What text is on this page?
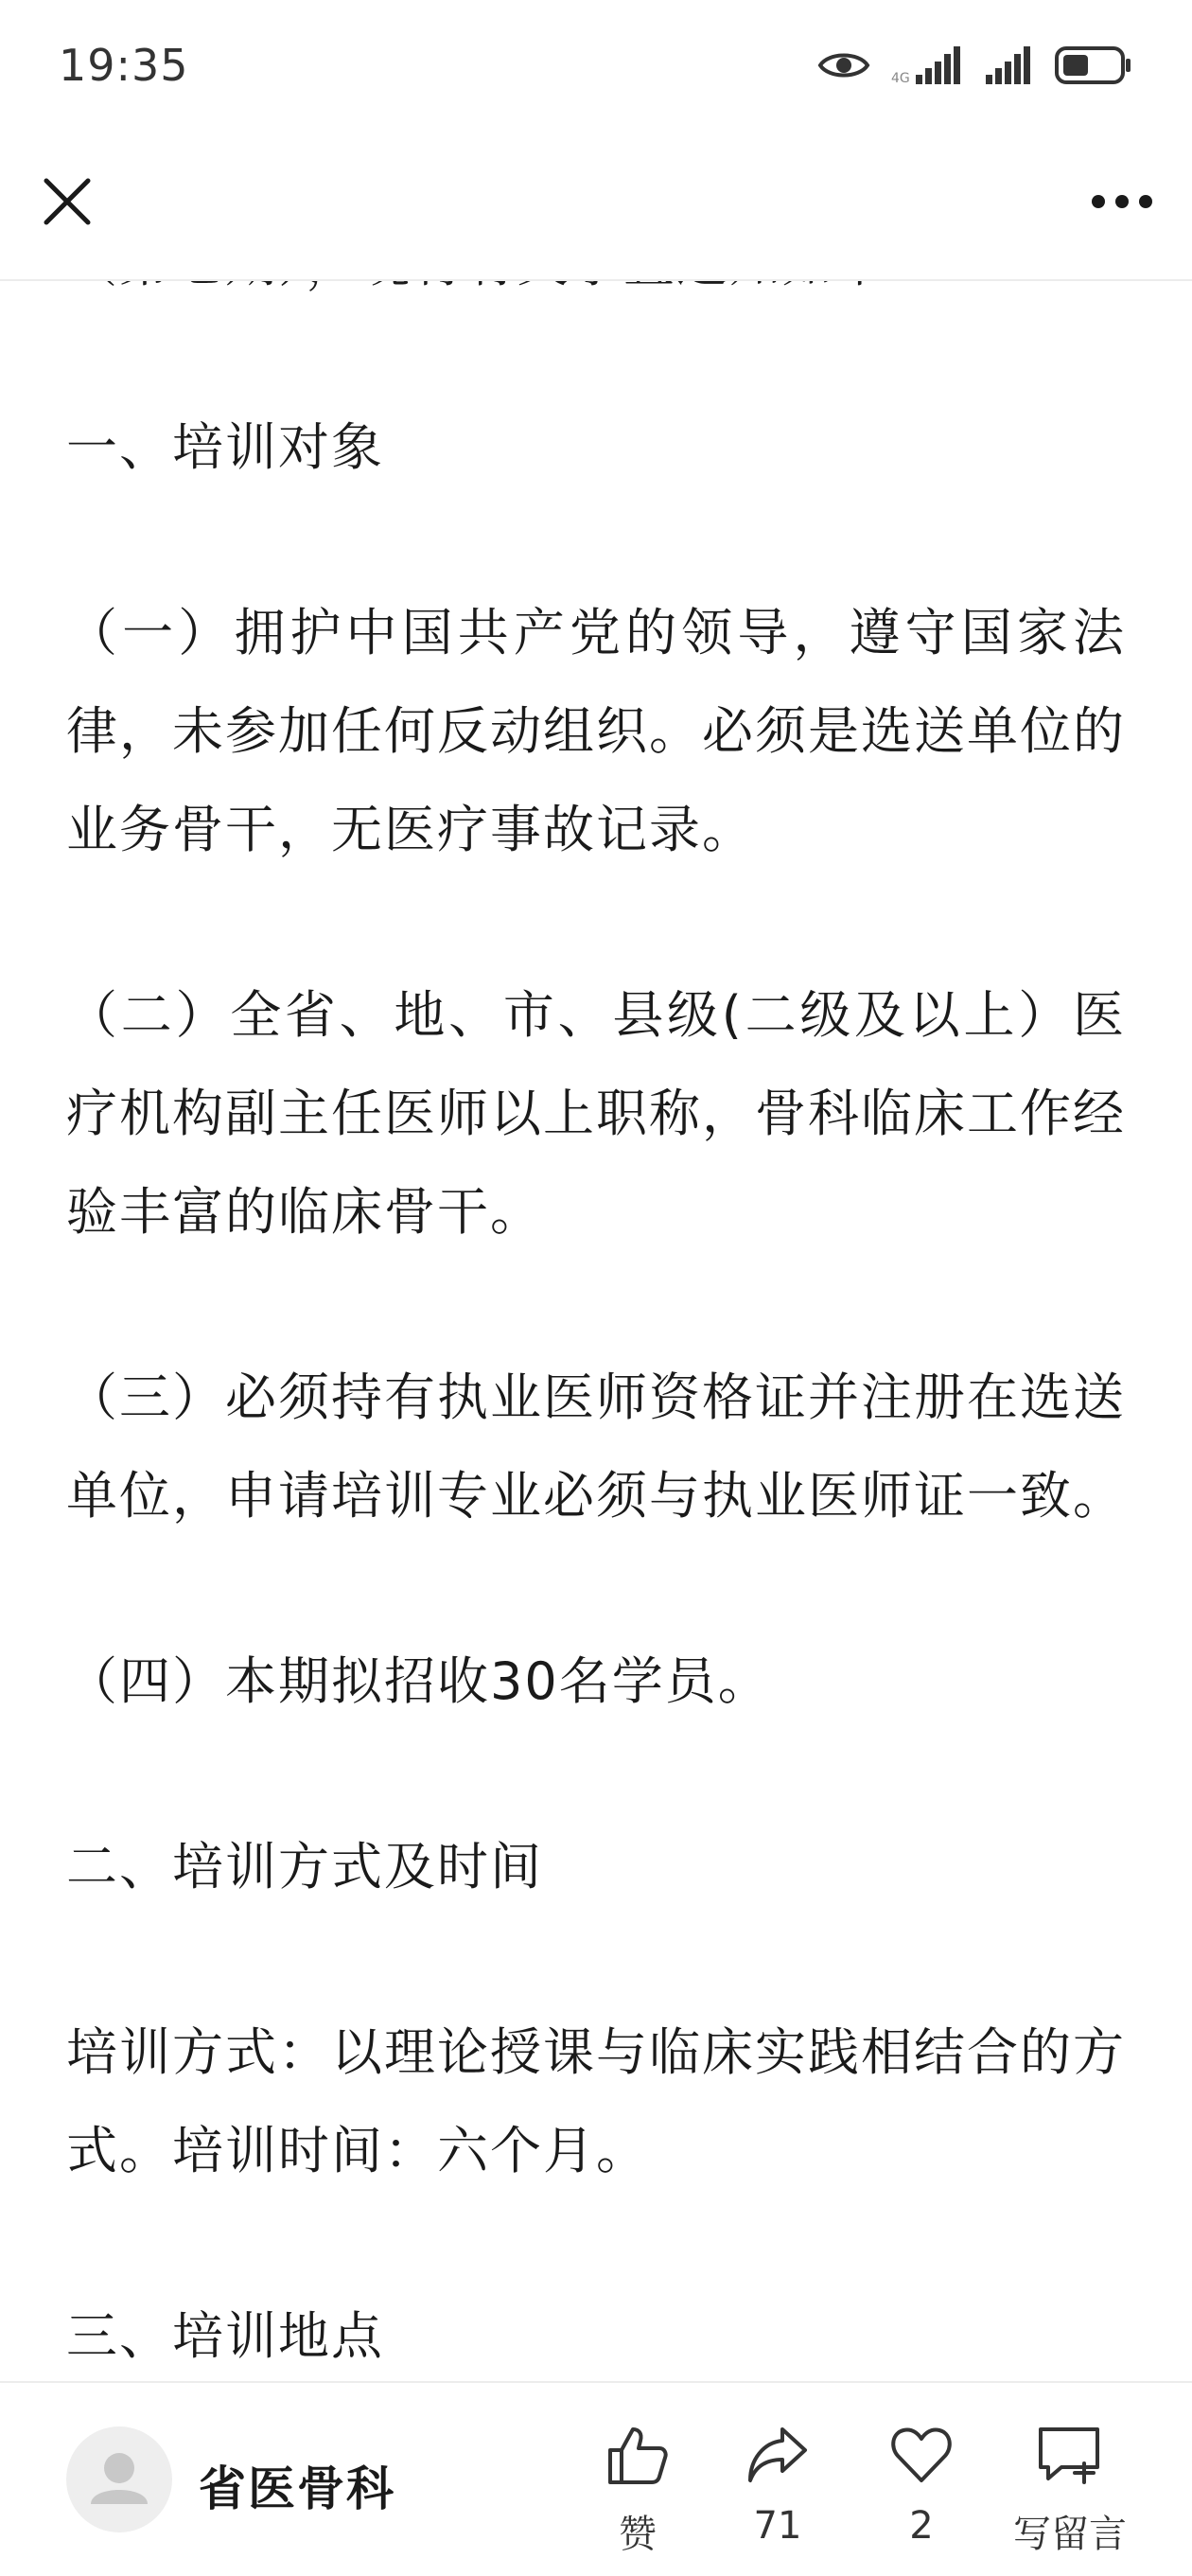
19:35	4G

一、培训对象

（一）拥护中国共产党的领导，遵守国家法律，未参加任何反动组织。必须是选送单位的业务骨干，无医疗事故记录。

（二）全省、地、市、县级(二级及以上）医疗机构副主任医师以上职称，骨科临床工作经验丰富的临床骨干。

（三）必须持有执业医师资格证并注册在选送单位，申请培训专业必须与执业医师证一致。

（四）本期拟招收30名学员。

二、培训方式及时间

培训方式：以理论授课与临床实践相结合的方式。培训时间：六个月。

三、培训地点

省医骨科
赞	71	2 写留言
